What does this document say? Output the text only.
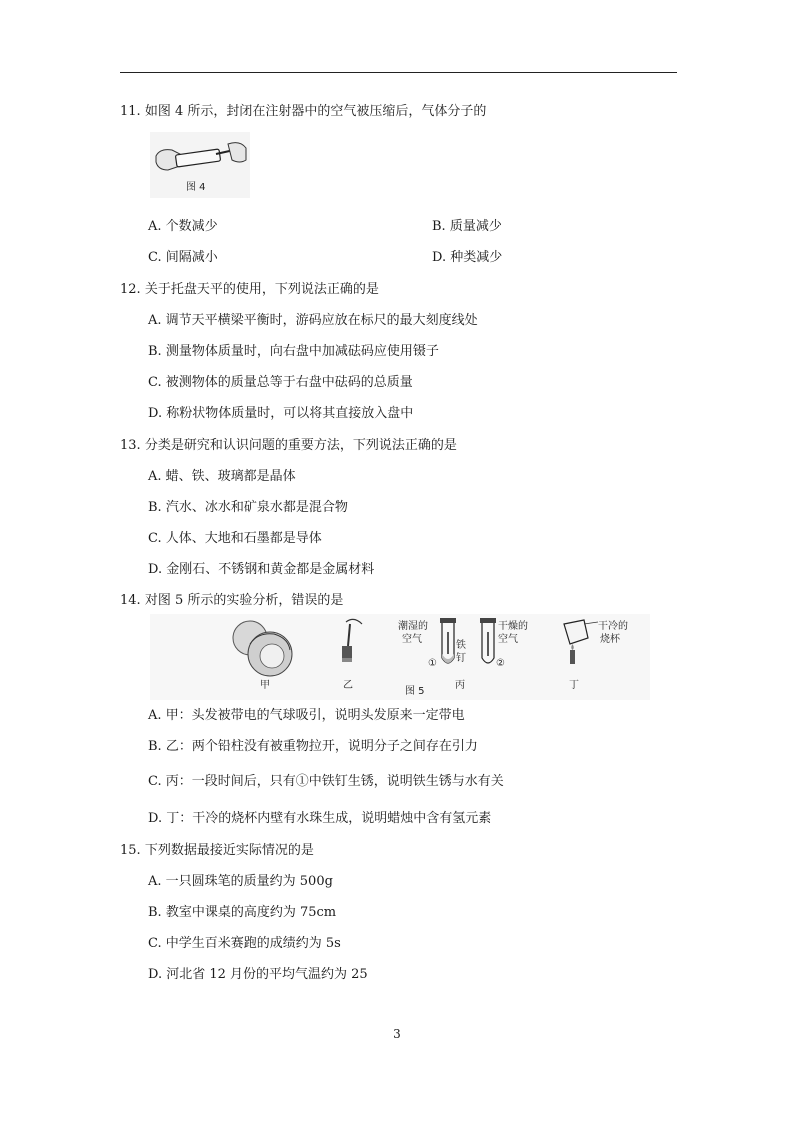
11. 如图 4 所示，封闭在注射器中的空气被压缩后，气体分子的
图 4
A. 个数减少	B. 质量减少
C. 间隔减小	D. 种类减少
12. 关于托盘天平的使用，下列说法正确的是
A. 调节天平横梁平衡时，游码应放在标尺的最大刻度线处
B. 测量物体质量时，向右盘中加减砝码应使用镊子
C. 被测物体的质量总等于右盘中砝码的总质量
D. 称粉状物体质量时，可以将其直接放入盘中
13. 分类是研究和认识问题的重要方法，下列说法正确的是
A. 蜡、铁、玻璃都是晶体
B. 汽水、冰水和矿泉水都是混合物
C. 人体、大地和石墨都是导体
D. 金刚石、不锈钢和黄金都是金属材料
14. 对图 5 所示的实验分析，错误的是
甲	乙
潮湿的
空气
①
铁
钉	②
干燥的
空气
丙
图 5
干冷的
烧杯
丁
A. 甲：头发被带电的气球吸引，说明头发原来一定带电
B. 乙：两个铅柱没有被重物拉开，说明分子之间存在引力
C. 丙：一段时间后，只有①中铁钉生锈，说明铁生锈与水有关
D. 丁：干冷的烧杯内壁有水珠生成，说明蜡烛中含有氢元素
15. 下列数据最接近实际情况的是
A. 一只圆珠笔的质量约为 500g
B. 教室中课桌的高度约为 75cm
C. 中学生百米赛跑的成绩约为 5s
D. 河北省 12 月份的平均气温约为 25
3
